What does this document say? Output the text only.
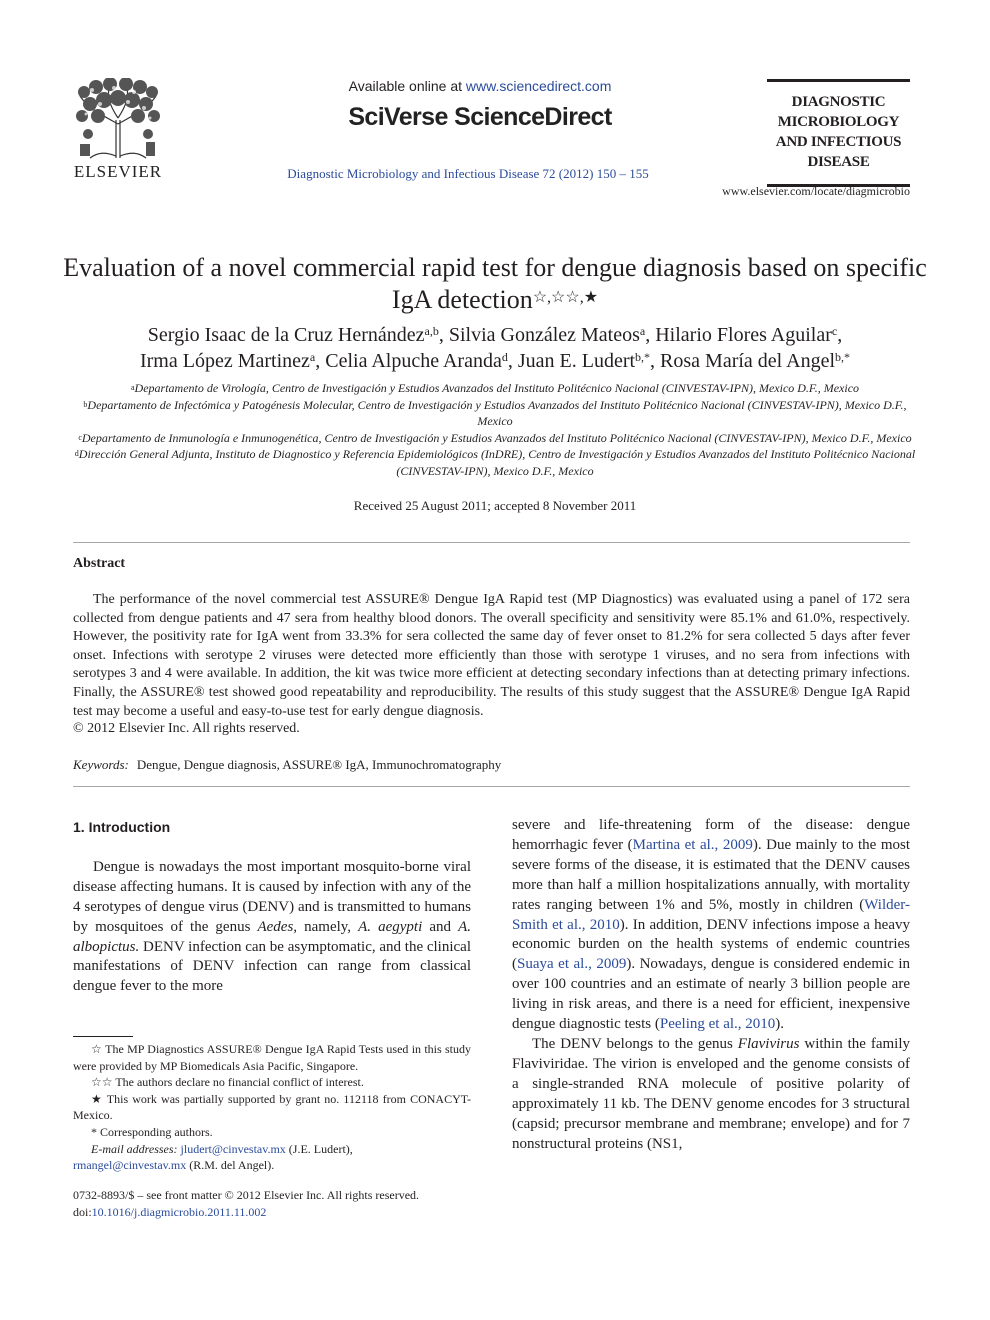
ELSEVIER
Available online at www.sciencedirect.com
SciVerse ScienceDirect
Diagnostic Microbiology and Infectious Disease 72 (2012) 150 – 155
DIAGNOSTIC
MICROBIOLOGY
AND INFECTIOUS
DISEASE
www.elsevier.com/locate/diagmicrobio
Evaluation of a novel commercial rapid test for dengue diagnosis based on specific IgA detection☆,☆☆,★
Sergio Isaac de la Cruz Hernández$^{a,b}$, Silvia González Mateos$^a$, Hilario Flores Aguilar$^c$,
Irma López Martinez$^a$, Celia Alpuche Aranda$^d$, Juan E. Ludert$^{b,*}$, Rosa María del Angel$^{b,*}$
$^a$Departamento de Virología, Centro de Investigación y Estudios Avanzados del Instituto Politécnico Nacional (CINVESTAV-IPN), Mexico D.F., Mexico
$^b$Departamento de Infectómica y Patogénesis Molecular, Centro de Investigación y Estudios Avanzados del Instituto Politécnico Nacional (CINVESTAV-IPN), Mexico D.F., Mexico
$^c$Departamento de Inmunología e Inmunogenética, Centro de Investigación y Estudios Avanzados del Instituto Politécnico Nacional (CINVESTAV-IPN), Mexico D.F., Mexico
$^d$Dirección General Adjunta, Instituto de Diagnostico y Referencia Epidemiológicos (InDRE), Centro de Investigación y Estudios Avanzados del Instituto Politécnico Nacional (CINVESTAV-IPN), Mexico D.F., Mexico
Received 25 August 2011; accepted 8 November 2011
Abstract

The performance of the novel commercial test ASSURE® Dengue IgA Rapid test (MP Diagnostics) was evaluated using a panel of 172 sera collected from dengue patients and 47 sera from healthy blood donors. The overall specificity and sensitivity were 85.1% and 61.0%, respectively. However, the positivity rate for IgA went from 33.3% for sera collected the same day of fever onset to 81.2% for sera collected 5 days after fever onset. Infections with serotype 2 viruses were detected more efficiently than those with serotype 1 viruses, and no sera from infections with serotypes 3 and 4 were available. In addition, the kit was twice more efficient at detecting secondary infections than at detecting primary infections. Finally, the ASSURE® test showed good repeatability and reproducibility. The results of this study suggest that the ASSURE® Dengue IgA Rapid test may become a useful and easy-to-use test for early dengue diagnosis.

© 2012 Elsevier Inc. All rights reserved.
Keywords: Dengue, Dengue diagnosis, ASSURE® IgA, Immunochromatography

1. Introduction

Dengue is nowadays the most important mosquito-borne viral disease affecting humans. It is caused by infection with any of the 4 serotypes of dengue virus (DENV) and is transmitted to humans by mosquitoes of the genus Aedes, namely, A. aegypti and A. albopictus. DENV infection can be asymptomatic, and the clinical manifestations of DENV infection can range from classical dengue fever to the more

☆ The MP Diagnostics ASSURE® Dengue IgA Rapid Tests used in this study were provided by MP Biomedicals Asia Pacific, Singapore.

☆☆ The authors declare no financial conflict of interest.

★ This work was partially supported by grant no. 112118 from CONACYT-Mexico.

* Corresponding authors.

E-mail addresses: jludert@cinvestav.mx (J.E. Ludert),

rmangel@cinvestav.mx (R.M. del Angel).

0732-8893/$ – see front matter © 2012 Elsevier Inc. All rights reserved.

doi:10.1016/j.diagmicrobio.2011.11.002

severe and life-threatening form of the disease: dengue hemorrhagic fever (Martina et al., 2009). Due mainly to the most severe forms of the disease, it is estimated that the DENV causes more than half a million hospitalizations annually, with mortality rates ranging between 1% and 5%, mostly in children (Wilder-Smith et al., 2010). In addition, DENV infections impose a heavy economic burden on the health systems of endemic countries (Suaya et al., 2009). Nowadays, dengue is considered endemic in over 100 countries and an estimate of nearly 3 billion people are living in risk areas, and there is a need for efficient, inexpensive dengue diagnostic tests (Peeling et al., 2010).

The DENV belongs to the genus Flavivirus within the family Flaviviridae. The virion is enveloped and the genome consists of a single-stranded RNA molecule of positive polarity of approximately 11 kb. The DENV genome encodes for 3 structural (capsid; precursor membrane and membrane; envelope) and for 7 nonstructural proteins (NS1,
